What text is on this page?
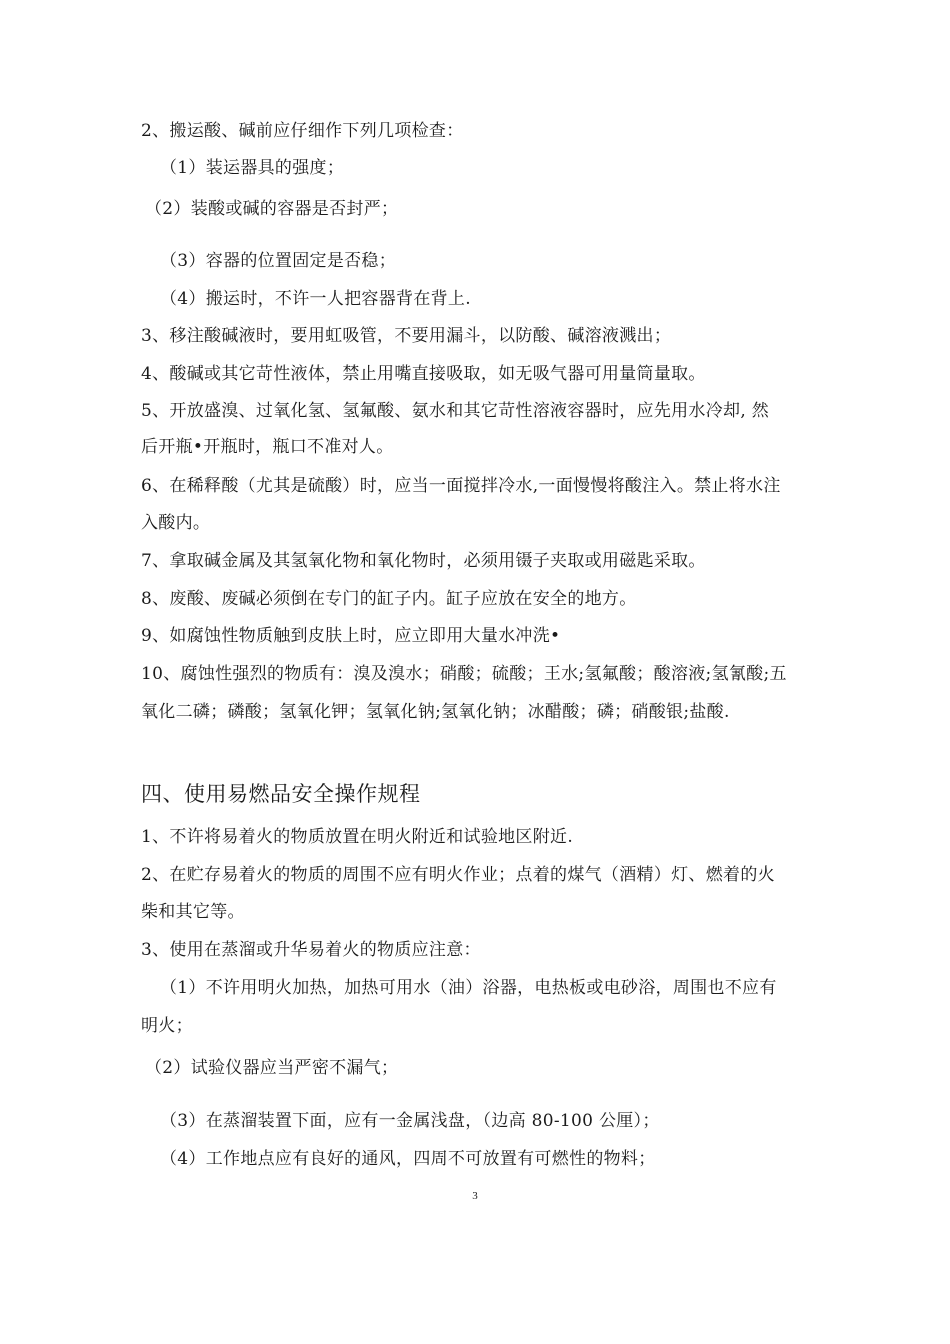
2、搬运酸、碱前应仔细作下列几项检查：
（1）装运器具的强度；
（2）装酸或碱的容器是否封严；
（3）容器的位置固定是否稳；
（4）搬运时，不许一人把容器背在背上.
3、移注酸碱液时，要用虹吸管，不要用漏斗，以防酸、碱溶液溅出；
4、酸碱或其它苛性液体，禁止用嘴直接吸取，如无吸气器可用量筒量取。
5、开放盛溴、过氧化氢、氢氟酸、氨水和其它苛性溶液容器时，应先用水冷却, 然
后开瓶•开瓶时，瓶口不准对人。
6、在稀释酸（尤其是硫酸）时，应当一面搅拌冷水,一面慢慢将酸注入。禁止将水注
入酸内。
7、拿取碱金属及其氢氧化物和氧化物时，必须用镊子夹取或用磁匙采取。
8、废酸、废碱必须倒在专门的缸子内。缸子应放在安全的地方。
9、如腐蚀性物质触到皮肤上时，应立即用大量水冲洗•
10、腐蚀性强烈的物质有：溴及溴水；硝酸；硫酸；王水;氢氟酸；酸溶液;氢氰酸;五
氧化二磷；磷酸；氢氧化钾；氢氧化钠;氢氧化钠；冰醋酸；磷；硝酸银;盐酸.
四、使用易燃品安全操作规程
1、不许将易着火的物质放置在明火附近和试验地区附近.
2、在贮存易着火的物质的周围不应有明火作业；点着的煤气（酒精）灯、燃着的火
柴和其它等。
3、使用在蒸溜或升华易着火的物质应注意：
（1）不许用明火加热，加热可用水（油）浴器，电热板或电砂浴，周围也不应有
明火；
（2）试验仪器应当严密不漏气；
（3）在蒸溜装置下面，应有一金属浅盘，（边高 80-100 公厘）；
（4）工作地点应有良好的通风，四周不可放置有可燃性的物料；
3
